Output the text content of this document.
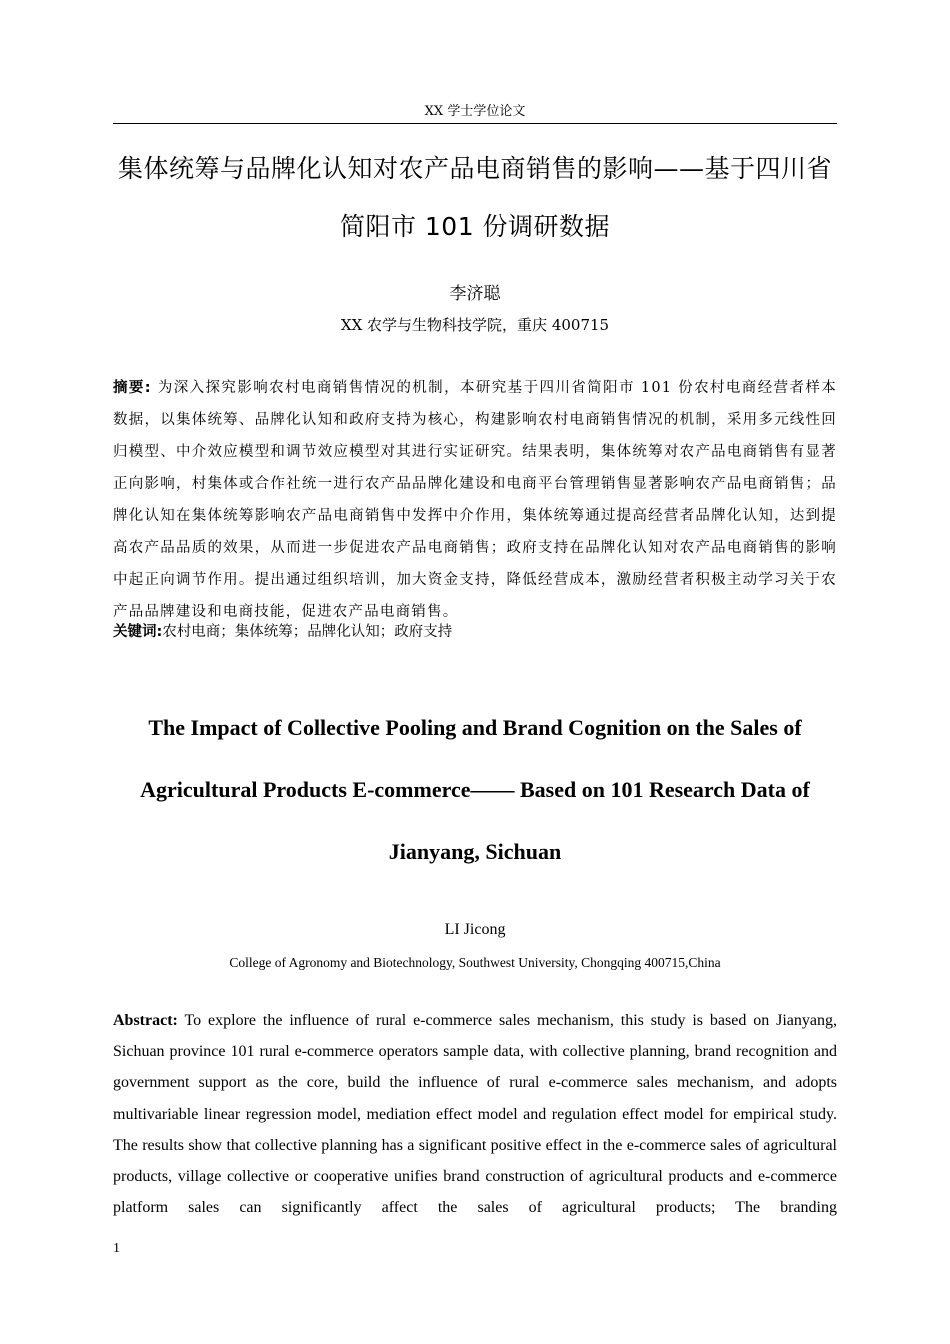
XX 学士学位论文
集体统筹与品牌化认知对农产品电商销售的影响——基于四川省简阳市 101 份调研数据
李济聪
XX 农学与生物科技学院，重庆 400715
摘要: 为深入探究影响农村电商销售情况的机制，本研究基于四川省简阳市 101 份农村电商经营者样本数据，以集体统筹、品牌化认知和政府支持为核心，构建影响农村电商销售情况的机制，采用多元线性回归模型、中介效应模型和调节效应模型对其进行实证研究。结果表明，集体统筹对农产品电商销售有显著正向影响，村集体或合作社统一进行农产品品牌化建设和电商平台管理销售显著影响农产品电商销售；品牌化认知在集体统筹影响农产品电商销售中发挥中介作用，集体统筹通过提高经营者品牌化认知，达到提高农产品品质的效果，从而进一步促进农产品电商销售；政府支持在品牌化认知对农产品电商销售的影响中起正向调节作用。提出通过组织培训，加大资金支持，降低经营成本，激励经营者积极主动学习关于农产品品牌建设和电商技能，促进农产品电商销售。
关键词:农村电商；集体统筹；品牌化认知；政府支持
The Impact of Collective Pooling and Brand Cognition on the Sales of Agricultural Products E-commerce—— Based on 101 Research Data of Jianyang, Sichuan
LI Jicong
College of Agronomy and Biotechnology, Southwest University, Chongqing 400715,China
Abstract: To explore the influence of rural e-commerce sales mechanism, this study is based on Jianyang, Sichuan province 101 rural e-commerce operators sample data, with collective planning, brand recognition and government support as the core, build the influence of rural e-commerce sales mechanism, and adopts multivariable linear regression model, mediation effect model and regulation effect model for empirical study. The results show that collective planning has a significant positive effect in the e-commerce sales of agricultural products, village collective or cooperative unifies brand construction of agricultural products and e-commerce platform sales can significantly affect the sales of agricultural products; The branding
1
